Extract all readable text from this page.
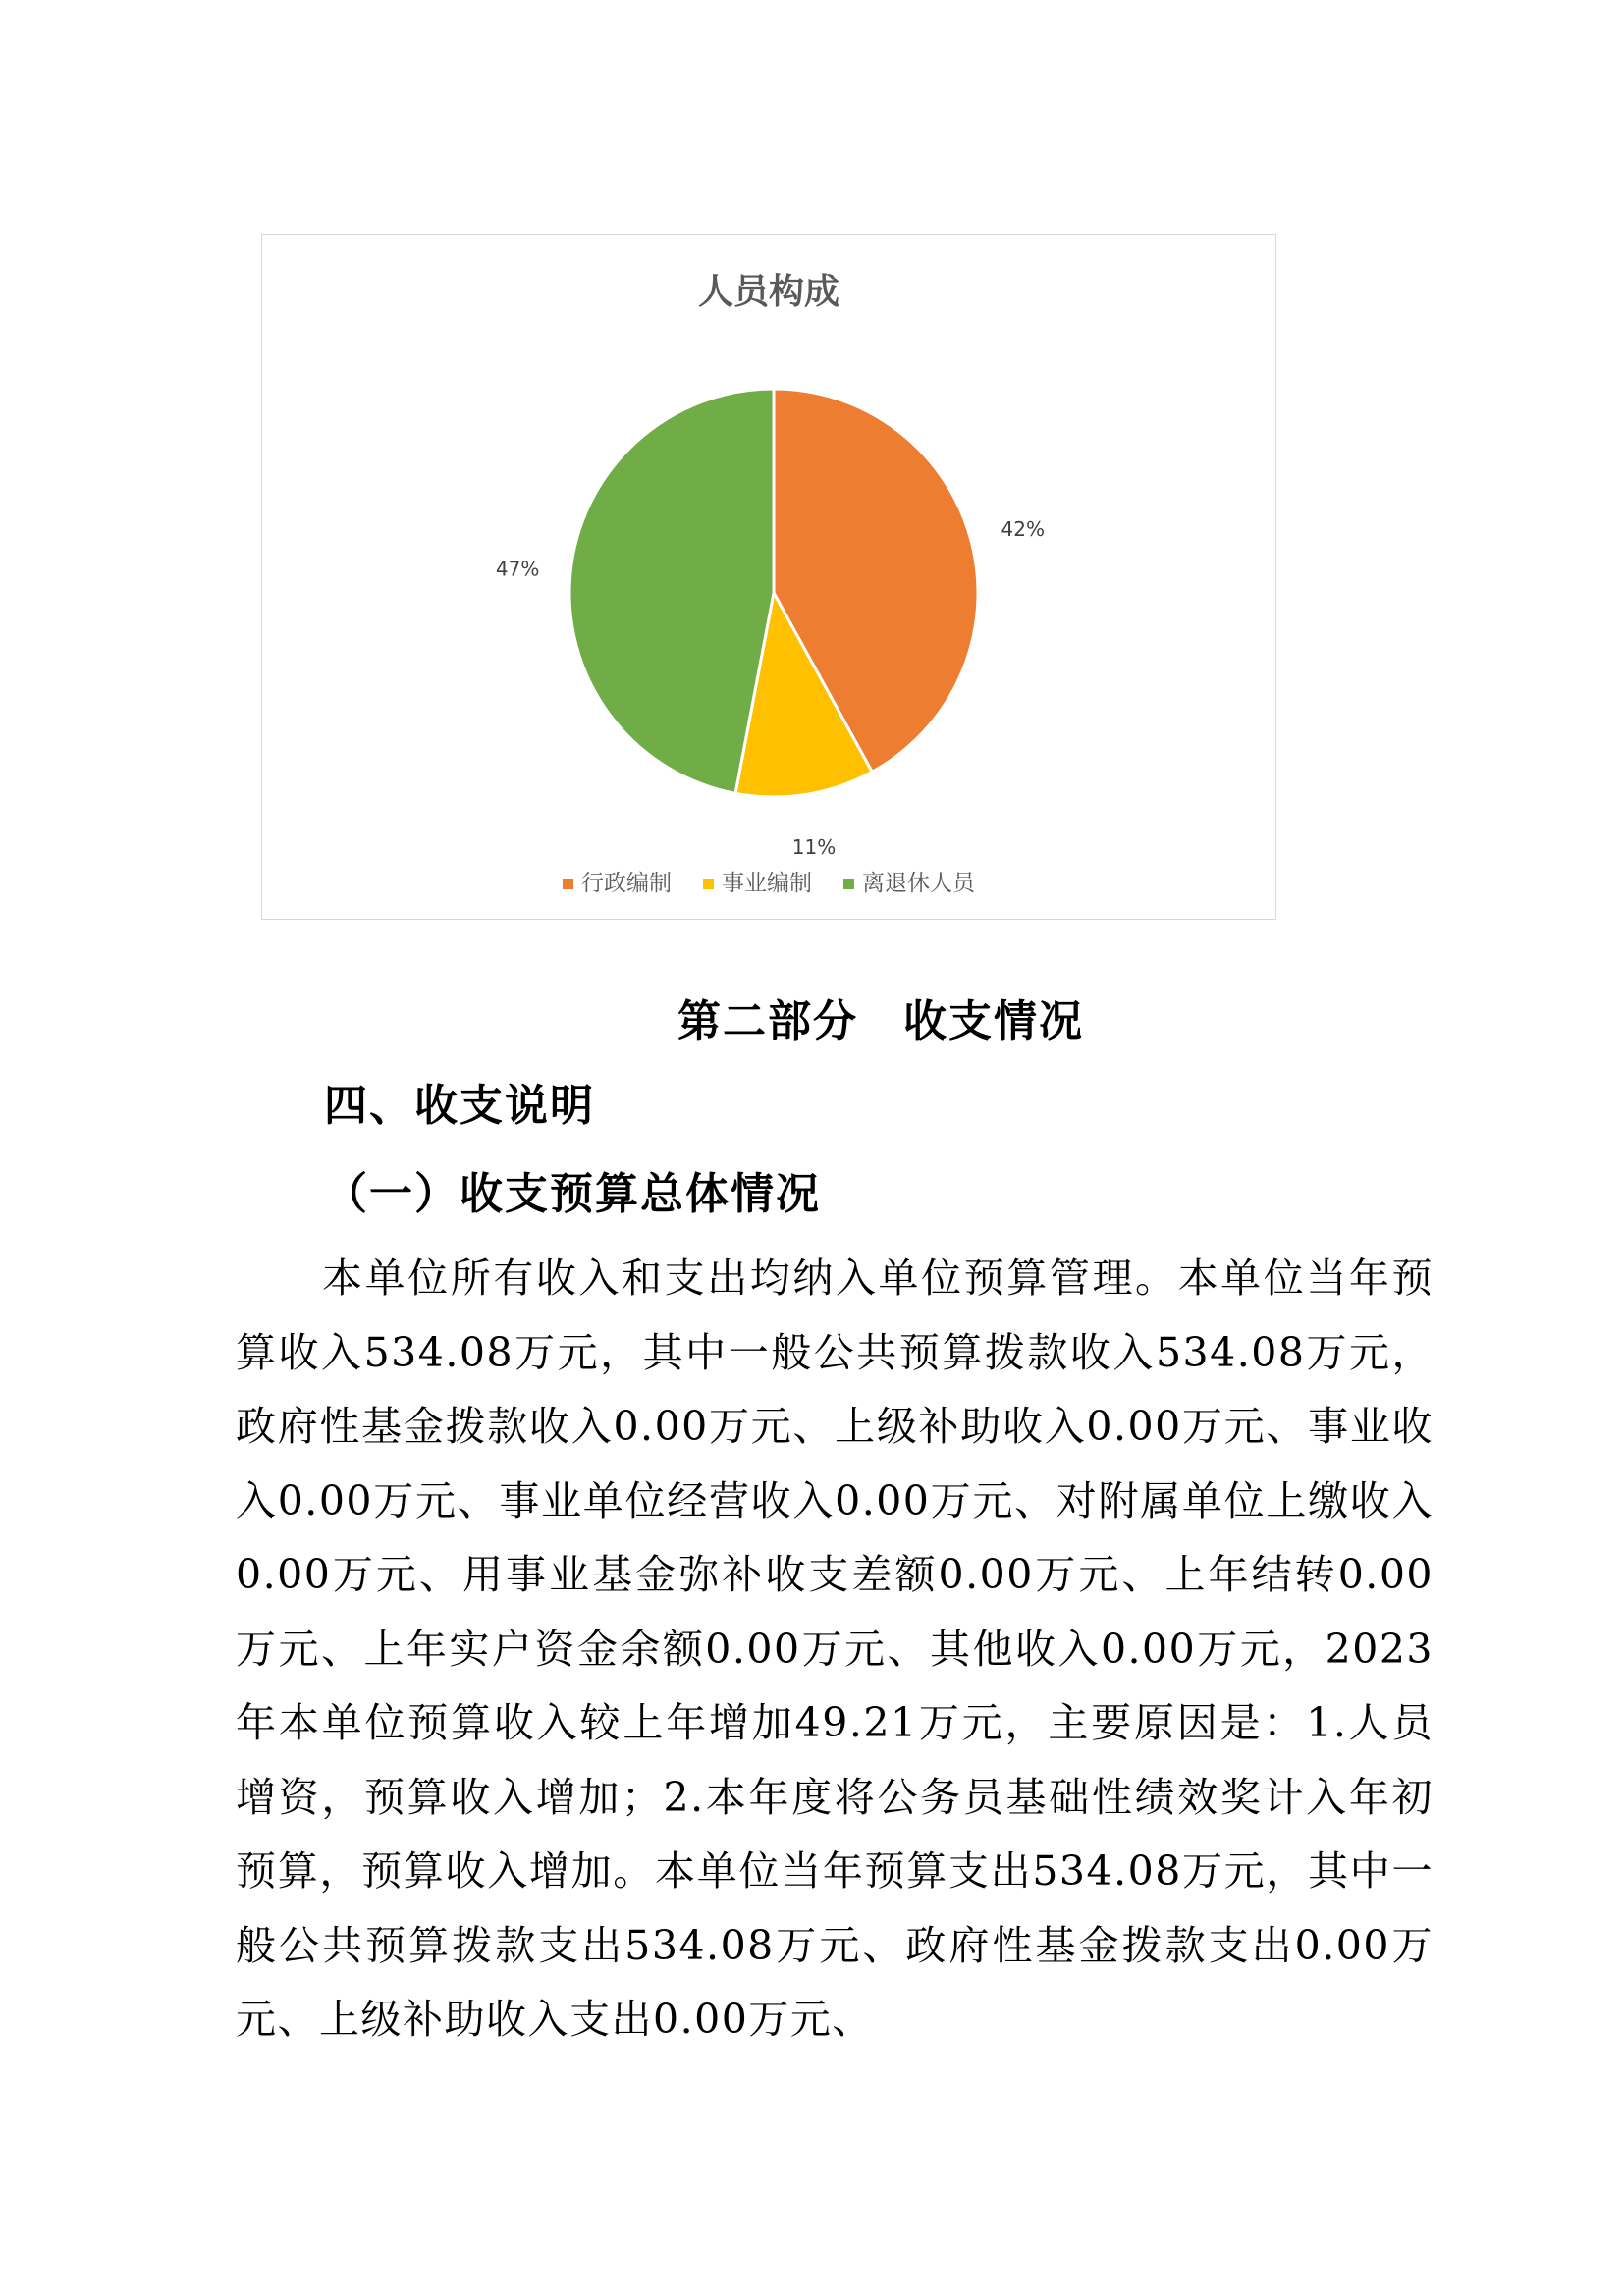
42%
11%
47%
人员构成
行政编制 事业编制 离退休人员
第二部分　收支情况
四、收支说明
（一）收支预算总体情况
本单位所有收入和支出均纳入单位预算管理。本单位当年预算收入534.08万元，其中一般公共预算拨款收入534.08万元，政府性基金拨款收入0.00万元、上级补助收入0.00万元、事业收入0.00万元、事业单位经营收入0.00万元、对附属单位上缴收入0.00万元、用事业基金弥补收支差额0.00万元、上年结转0.00万元、上年实户资金余额0.00万元、其他收入0.00万元，2023年本单位预算收入较上年增加49.21万元，主要原因是：1.人员增资，预算收入增加；2.本年度将公务员基础性绩效奖计入年初预算，预算收入增加。本单位当年预算支出534.08万元，其中一般公共预算拨款支出534.08万元、政府性基金拨款支出0.00万元、上级补助收入支出0.00万元、
